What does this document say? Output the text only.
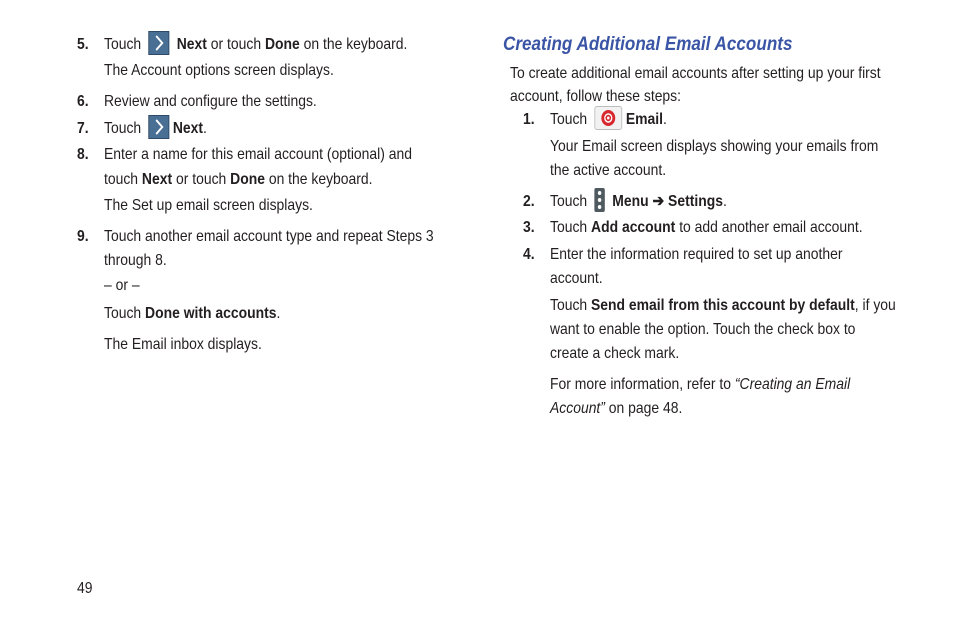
5. Touch Next or touch Done on the keyboard.
The Account options screen displays.
6. Review and configure the settings.
7. Touch Next.
8. Enter a name for this email account (optional) and
touch Next or touch Done on the keyboard.
The Set up email screen displays.
9. Touch another email account type and repeat Steps 3
through 8.
– or –
Touch Done with accounts.
The Email inbox displays.
Creating Additional Email Accounts
To create additional email accounts after setting up your first
account, follow these steps:
1. Touch Email.
Your Email screen displays showing your emails from
the active account.
2. Touch Menu ➔ Settings.
3. Touch Add account to add another email account.
4. Enter the information required to set up another
account.
Touch Send email from this account by default, if you
want to enable the option. Touch the check box to
create a check mark.
For more information, refer to “Creating an Email
Account” on page 48.
49
